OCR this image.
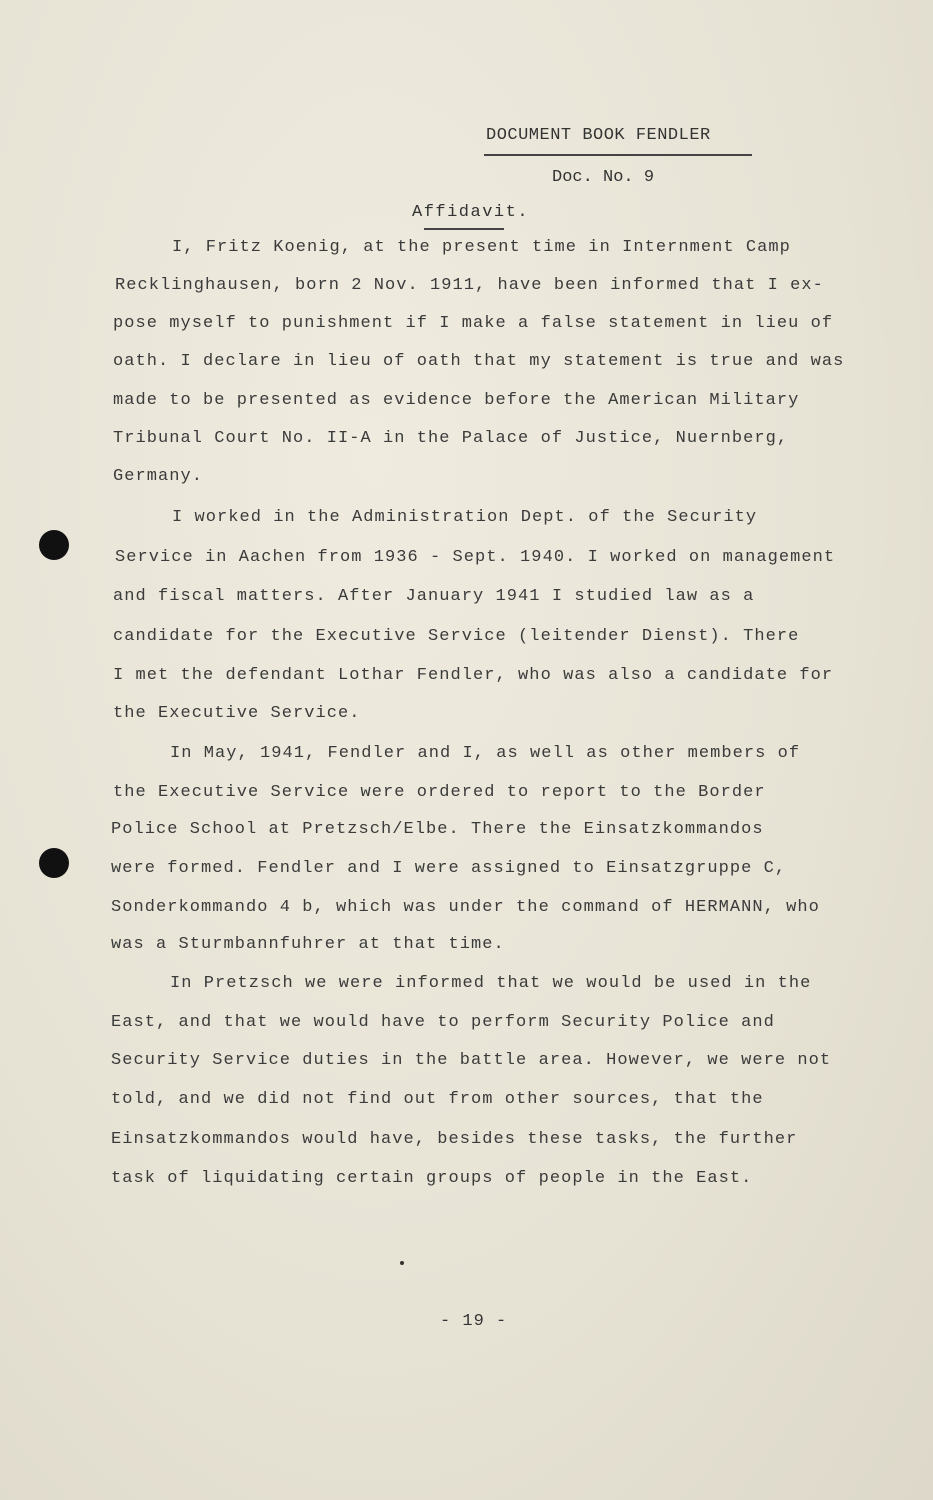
DOCUMENT BOOK FENDLER
Doc. No. 9
Affidavit.
I, Fritz Koenig, at the present time in Internment Camp
Recklinghausen, born 2 Nov. 1911, have been informed that I ex-
pose myself to punishment if I make a false statement in lieu of
oath. I declare in lieu of oath that my statement is true and was
made to be presented as evidence before the American Military
Tribunal Court No. II-A in the Palace of Justice, Nuernberg,
Germany.
I worked in the Administration Dept. of the Security
Service in Aachen from 1936 - Sept. 1940. I worked on management
and fiscal matters. After January 1941 I studied law as a
candidate for the Executive Service (leitender Dienst). There
I met the defendant Lothar Fendler, who was also a candidate for
the Executive Service.
In May, 1941, Fendler and I, as well as other members of
the Executive Service were ordered to report to the Border
Police School at Pretzsch/Elbe. There the Einsatzkommandos
were formed. Fendler and I were assigned to Einsatzgruppe C,
Sonderkommando 4 b, which was under the command of HERMANN, who
was a Sturmbannfuhrer at that time.
In Pretzsch we were informed that we would be used in the
East, and that we would have to perform Security Police and
Security Service duties in the battle area. However, we were not
told, and we did not find out from other sources, that the
Einsatzkommandos would have, besides these tasks, the further
task of liquidating certain groups of people in the East.
- 19 -
